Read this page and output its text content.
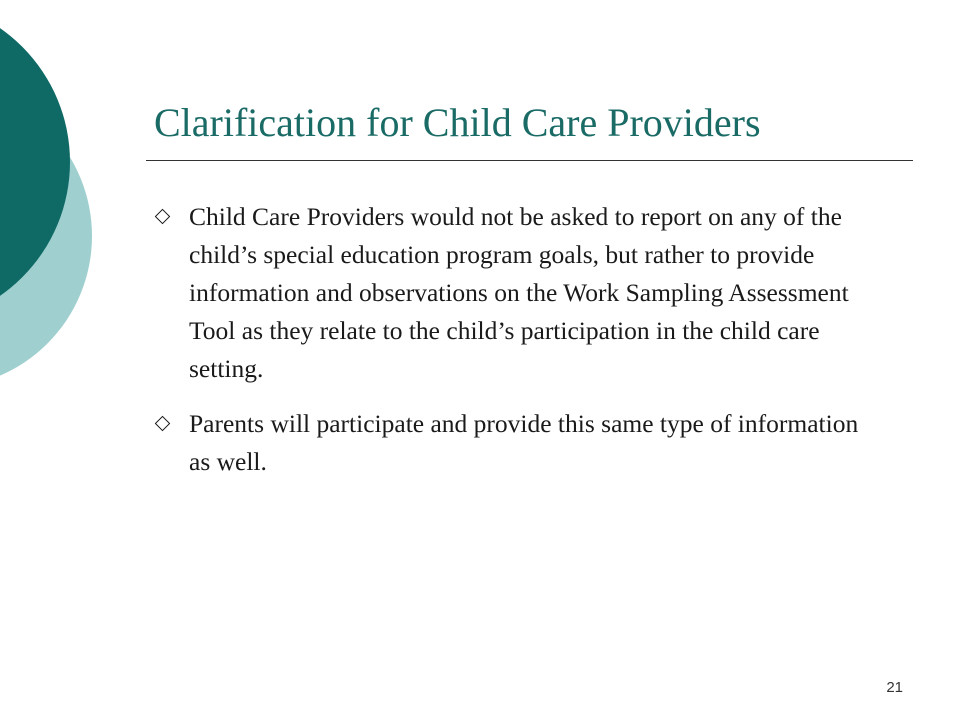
Clarification for Child Care Providers
Child Care Providers would not be asked to report on any of the child’s special education program goals, but rather to provide information and observations on the Work Sampling Assessment Tool as they relate to the child’s participation in the child care setting.
Parents will participate and provide this same type of information as well.
21
